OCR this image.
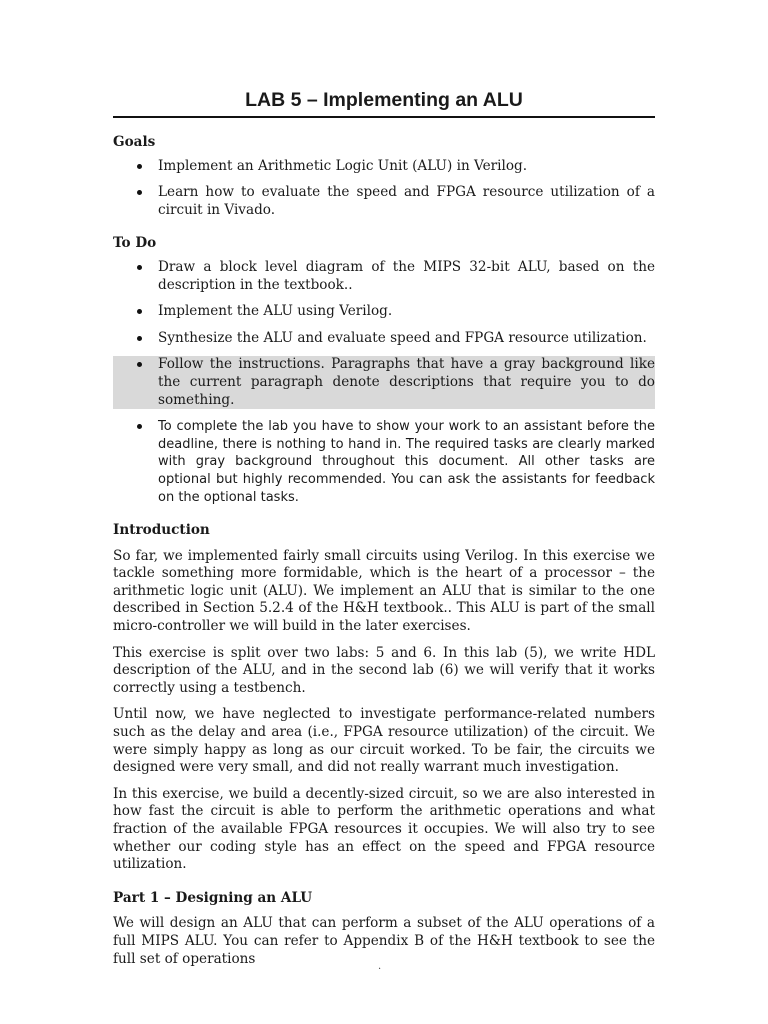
LAB 5 – Implementing an ALU
Goals
Implement an Arithmetic Logic Unit (ALU) in Verilog.
Learn how to evaluate the speed and FPGA resource utilization of a circuit in Vivado.
To Do
Draw a block level diagram of the MIPS 32-bit ALU, based on the description in the textbook..
Implement the ALU using Verilog.
Synthesize the ALU and evaluate speed and FPGA resource utilization.
Follow the instructions. Paragraphs that have a gray background like the current paragraph denote descriptions that require you to do something.
To complete the lab you have to show your work to an assistant before the deadline, there is nothing to hand in. The required tasks are clearly marked with gray background throughout this document. All other tasks are optional but highly recommended. You can ask the assistants for feedback on the optional tasks.
Introduction

So far, we implemented fairly small circuits using Verilog. In this exercise we tackle something more formidable, which is the heart of a processor – the arithmetic logic unit (ALU). We implement an ALU that is similar to the one described in Section 5.2.4 of the H&H textbook.. This ALU is part of the small micro-controller we will build in the later exercises.

This exercise is split over two labs: 5 and 6. In this lab (5), we write HDL description of the ALU, and in the second lab (6) we will verify that it works correctly using a testbench.

Until now, we have neglected to investigate performance-related numbers such as the delay and area (i.e., FPGA resource utilization) of the circuit. We were simply happy as long as our circuit worked. To be fair, the circuits we designed were very small, and did not really warrant much investigation.

In this exercise, we build a decently-sized circuit, so we are also interested in how fast the circuit is able to perform the arithmetic operations and what fraction of the available FPGA resources it occupies. We will also try to see whether our coding style has an effect on the speed and FPGA resource utilization.

Part 1 – Designing an ALU

We will design an ALU that can perform a subset of the ALU operations of a full MIPS ALU. You can refer to Appendix B of the H&H textbook to see the full set of operations	.
